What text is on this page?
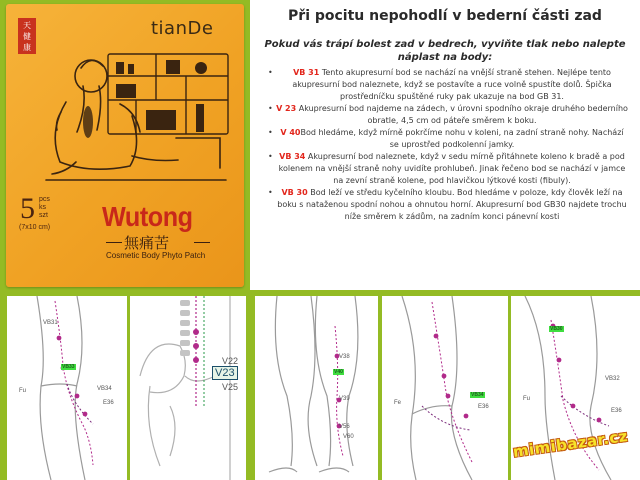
天
健
康
tianDe
5 pcs
ks
szt
(7x10 cm) Wutong
無痛苦
Cosmetic Body Phyto Patch
Při pocitu nepohodlí v bederní části zad
Pokud vás trápí bolest zad v bedrech, vyviňte tlak nebo nalepte náplast na body:
•	VB 31 Tento akupresurní bod se nachází na vnější straně stehen. Nejlépe tento akupresurní bod naleznete, když se postavíte a ruce volně spustíte dolů. Špička prostředníčku spuštěné ruky pak ukazuje na bod GB 31.
• V 23 Akupresurní bod najdeme na zádech, v úrovni spodního okraje druhého bederního obratle, 4,5 cm od páteře směrem k boku.
• V 40Bod hledáme, když mírně pokrčíme nohu v koleni, na zadní straně nohy. Nachází se uprostřed podkolenní jamky.
• VB 34 Akupresurní bod naleznete, když v sedu mírně přitáhnete koleno k bradě a pod kolenem na vnější straně nohy uvidíte prohlubeň. Jinak řečeno bod se nachází v jamce na zevní straně kolene, pod hlavičkou lýtkové kosti (fibuly).
• VB 30 Bod leží ve středu kyčelního kloubu. Bod hledáme v poloze, kdy člověk leží na boku s nataženou spodní nohou a ohnutou horní. Akupresurní bod GB30 najdete trochu níže směrem k zádům, na zadním konci pánevní kosti
VB31
VB33
VB34
Fu
E36
V22
V23
V25
V38
V40
V39
V56
V60
VB34
Fe
E36
VB30
VB32
Fu
E36
mimibazar.cz
